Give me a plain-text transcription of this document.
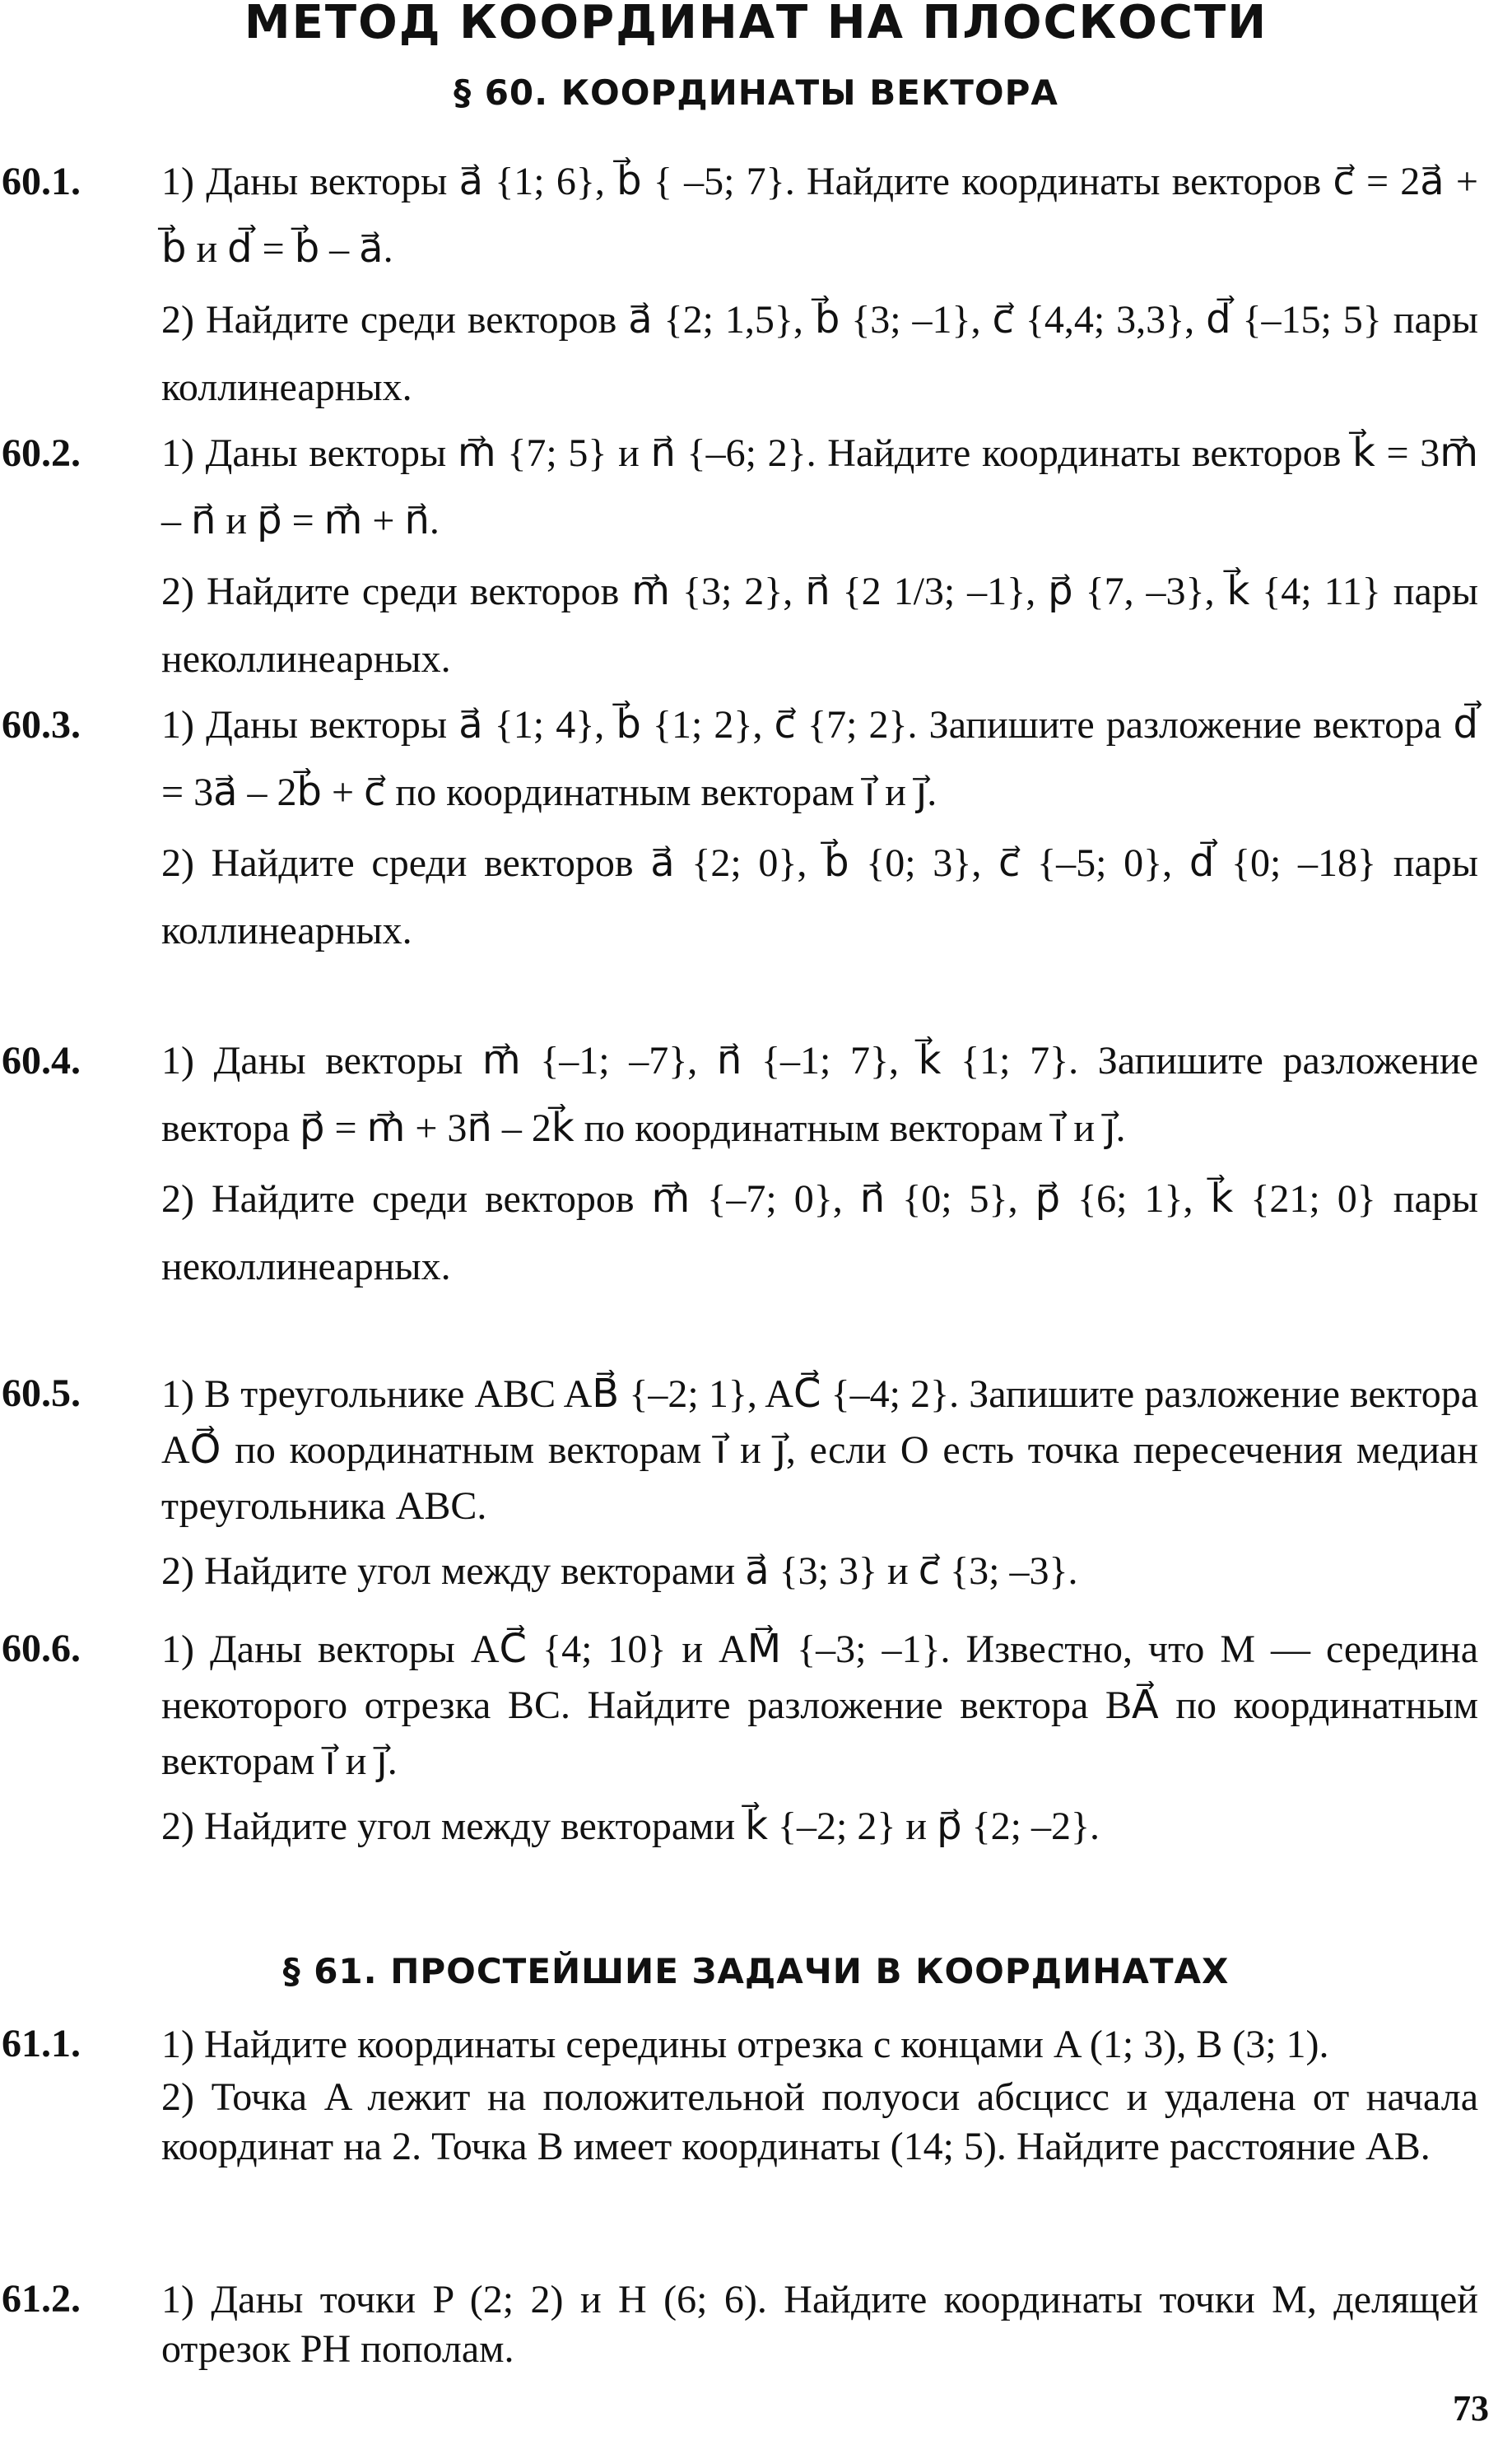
МЕТОД КООРДИНАТ НА ПЛОСКОСТИ
§ 60. КООРДИНАТЫ ВЕКТОРА
60.1. 1) Даны векторы a⃗ {1; 6}, b⃗ { –5; 7}. Найдите координаты векторов c⃗ = 2a⃗ + b⃗ и d⃗ = b⃗ – a⃗.
2) Найдите среди векторов a⃗ {2; 1,5}, b⃗ {3; –1}, c⃗ {4,4; 3,3}, d⃗ {–15; 5} пары коллинеарных.
60.2. 1) Даны векторы m⃗ {7; 5} и n⃗ {–6; 2}. Найдите координаты векторов k⃗ = 3m⃗ – n⃗ и p⃗ = m⃗ + n⃗.
2) Найдите среди векторов m⃗ {3; 2}, n⃗ {2 1/3; –1}, p⃗ {7, –3}, k⃗ {4; 11} пары неколлинеарных.
60.3. 1) Даны векторы a⃗ {1; 4}, b⃗ {1; 2}, c⃗ {7; 2}. Запишите разложение вектора d⃗ = 3a⃗ – 2b⃗ + c⃗ по координатным векторам i⃗ и j⃗.
2) Найдите среди векторов a⃗ {2; 0}, b⃗ {0; 3}, c⃗ {–5; 0}, d⃗ {0; –18} пары коллинеарных.
60.4. 1) Даны векторы m⃗ {–1; –7}, n⃗ {–1; 7}, k⃗ {1; 7}. Запишите разложение вектора p⃗ = m⃗ + 3n⃗ – 2k⃗ по координатным векторам i⃗ и j⃗.
2) Найдите среди векторов m⃗ {–7; 0}, n⃗ {0; 5}, p⃗ {6; 1}, k⃗ {21; 0} пары неколлинеарных.
60.5. 1) В треугольнике ABC AB⃗ {–2; 1}, AC⃗ {–4; 2}. Запишите разложение вектора AO⃗ по координатным векторам i⃗ и j⃗, если O есть точка пересечения медиан треугольника ABC.
2) Найдите угол между векторами a⃗ {3; 3} и c⃗ {3; –3}.
60.6. 1) Даны векторы AC⃗ {4; 10} и AM⃗ {–3; –1}. Известно, что M — середина некоторого отрезка BC. Найдите разложение вектора BA⃗ по координатным векторам i⃗ и j⃗.
2) Найдите угол между векторами k⃗ {–2; 2} и p⃗ {2; –2}.
§ 61. ПРОСТЕЙШИЕ ЗАДАЧИ В КООРДИНАТАХ
61.1. 1) Найдите координаты середины отрезка с концами A (1; 3), B (3; 1).
2) Точка A лежит на положительной полуоси абсцисс и удалена от начала координат на 2. Точка B имеет координаты (14; 5). Найдите расстояние AB.
61.2. 1) Даны точки P (2; 2) и H (6; 6). Найдите координаты точки M, делящей отрезок PH пополам.
73
